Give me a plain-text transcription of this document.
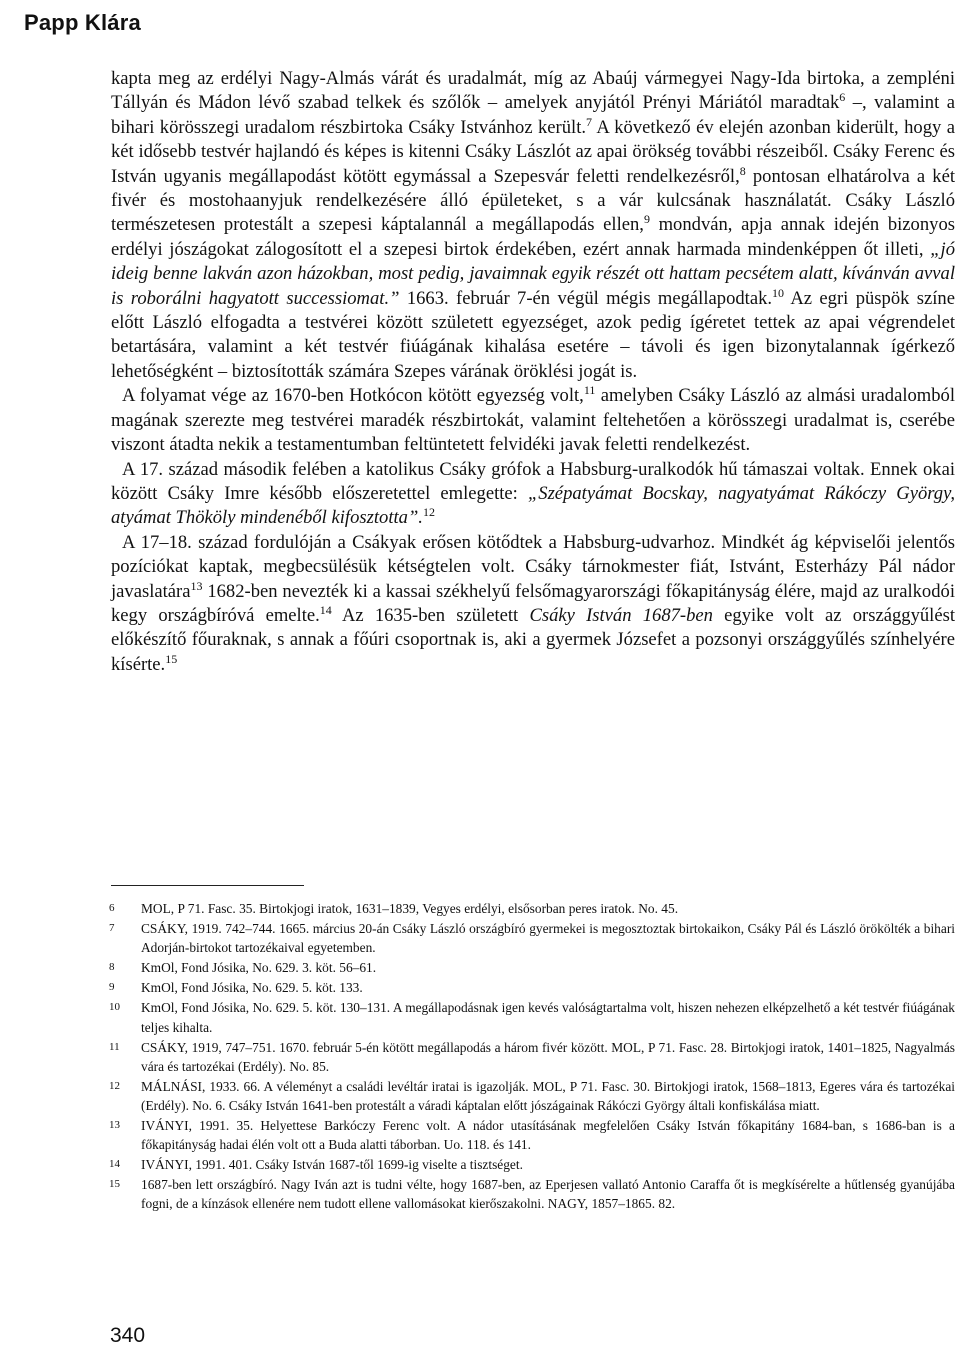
Papp Klára

kapta meg az erdélyi Nagy-Almás várát és uradalmát, míg az Abaúj vármegyei Nagy-Ida birtoka, a zempléni Tállyán és Mádon lévő szabad telkek és szőlők – amelyek anyjától Prényi Máriától maradtak$^6$ –, valamint a bihari körösszegi uradalom részbirtoka Csáky Istvánhoz került.$^7$ A következő év elején azonban kiderült, hogy a két idősebb testvér hajlandó és képes is kitenni Csáky Lászlót az apai örökség további részeiből. Csáky Ferenc és István ugyanis megállapodást kötött egymással a Szepesvár feletti rendelkezésről,$^8$ pontosan elhatárolva a két fivér és mostohaanyjuk rendelkezésére álló épületeket, s a vár kulcsának használatát. Csáky László természetesen protestált a szepesi káptalannál a megállapodás ellen,$^9$ mondván, apja annak idején bizonyos erdélyi jószágokat zálogosított el a szepesi birtok érdekében, ezért annak harmada mindenképpen őt illeti, „jó ideig benne lakván azon házokban, most pedig, javaimnak egyik részét ott hattam pecsétem alatt, kívánván avval is roborálni hagyatott successiomat.” 1663. február 7-én végül mégis megállapodtak.$^{10}$ Az egri püspök színe előtt László elfogadta a testvérei között született egyezséget, azok pedig ígéretet tettek az apai végrendelet betartására, valamint a két testvér fiúágának kihalása esetére – távoli és igen bizonytalannak ígérkező lehetőségként – biztosították számára Szepes várának öröklési jogát is.

A folyamat vége az 1670-ben Hotkócon kötött egyezség volt,$^{11}$ amelyben Csáky László az almási uradalomból magának szerezte meg testvérei maradék részbirtokát, valamint feltehetően a körösszegi uradalmat is, cserébe viszont átadta nekik a testamentumban feltüntetett felvidéki javak feletti rendelkezést.

A 17. század második felében a katolikus Csáky grófok a Habsburg-uralkodók hű támaszai voltak. Ennek okai között Csáky Imre később előszeretettel emlegette: „Szépatyámat Bocskay, nagyatyámat Rákóczy György, atyámat Thököly mindenéből kifosztotta”.$^{12}$

A 17–18. század fordulóján a Csákyak erősen kötődtek a Habsburg-udvarhoz. Mindkét ág képviselői jelentős pozíciókat kaptak, megbecsülésük kétségtelen volt. Csáky tárnokmester fiát, Istvánt, Esterházy Pál nádor javaslatára$^{13}$ 1682-ben nevezték ki a kassai székhelyű felsőmagyarországi főkapitányság élére, majd az uralkodói kegy országbíróvá emelte.$^{14}$ Az 1635-ben született Csáky István 1687-ben egyike volt az országgyűlést előkészítő főuraknak, s annak a főúri csoportnak is, aki a gyermek Józsefet a pozsonyi országgyűlés színhelyére kísérte.$^{15}$

6 MOL, P 71. Fasc. 35. Birtokjogi iratok, 1631–1839, Vegyes erdélyi, elsősorban peres iratok. No. 45.
7 CSÁKY, 1919. 742–744. 1665. március 20-án Csáky László országbíró gyermekei is megosztoztak birtokaikon, Csáky Pál és László örökölték a bihari Adorján-birtokot tartozékaival egyetemben.
8 KmOl, Fond Jósika, No. 629. 3. köt. 56–61.
9 KmOl, Fond Jósika, No. 629. 5. köt. 133.
10 KmOl, Fond Jósika, No. 629. 5. köt. 130–131. A megállapodásnak igen kevés valóságtartalma volt, hiszen nehezen elképzelhető a két testvér fiúágának teljes kihalta.
11 CSÁKY, 1919, 747–751. 1670. február 5-én kötött megállapodás a három fivér között. MOL, P 71. Fasc. 28. Birtokjogi iratok, 1401–1825, Nagyalmás vára és tartozékai (Erdély). No. 85.
12 MÁLNÁSI, 1933. 66. A véleményt a családi levéltár iratai is igazolják. MOL, P 71. Fasc. 30. Birtokjogi iratok, 1568–1813, Egeres vára és tartozékai (Erdély). No. 6. Csáky István 1641-ben protestált a váradi káptalan előtt jószágainak Rákóczi György általi konfiskálása miatt.
13 IVÁNYI, 1991. 35. Helyettese Barkóczy Ferenc volt. A nádor utasításának megfelelően Csáky István főkapitány 1684-ban, s 1686-ban is a főkapitányság hadai élén volt ott a Buda alatti táborban. Uo. 118. és 141.
14 IVÁNYI, 1991. 401. Csáky István 1687-től 1699-ig viselte a tisztséget.
15 1687-ben lett országbíró. Nagy Iván azt is tudni vélte, hogy 1687-ben, az Eperjesen vallató Antonio Caraffa őt is megkísérelte a hűtlenség gyanújába fogni, de a kínzások ellenére nem tudott ellene vallomásokat kierőszakolni. NAGY, 1857–1865. 82.
340
